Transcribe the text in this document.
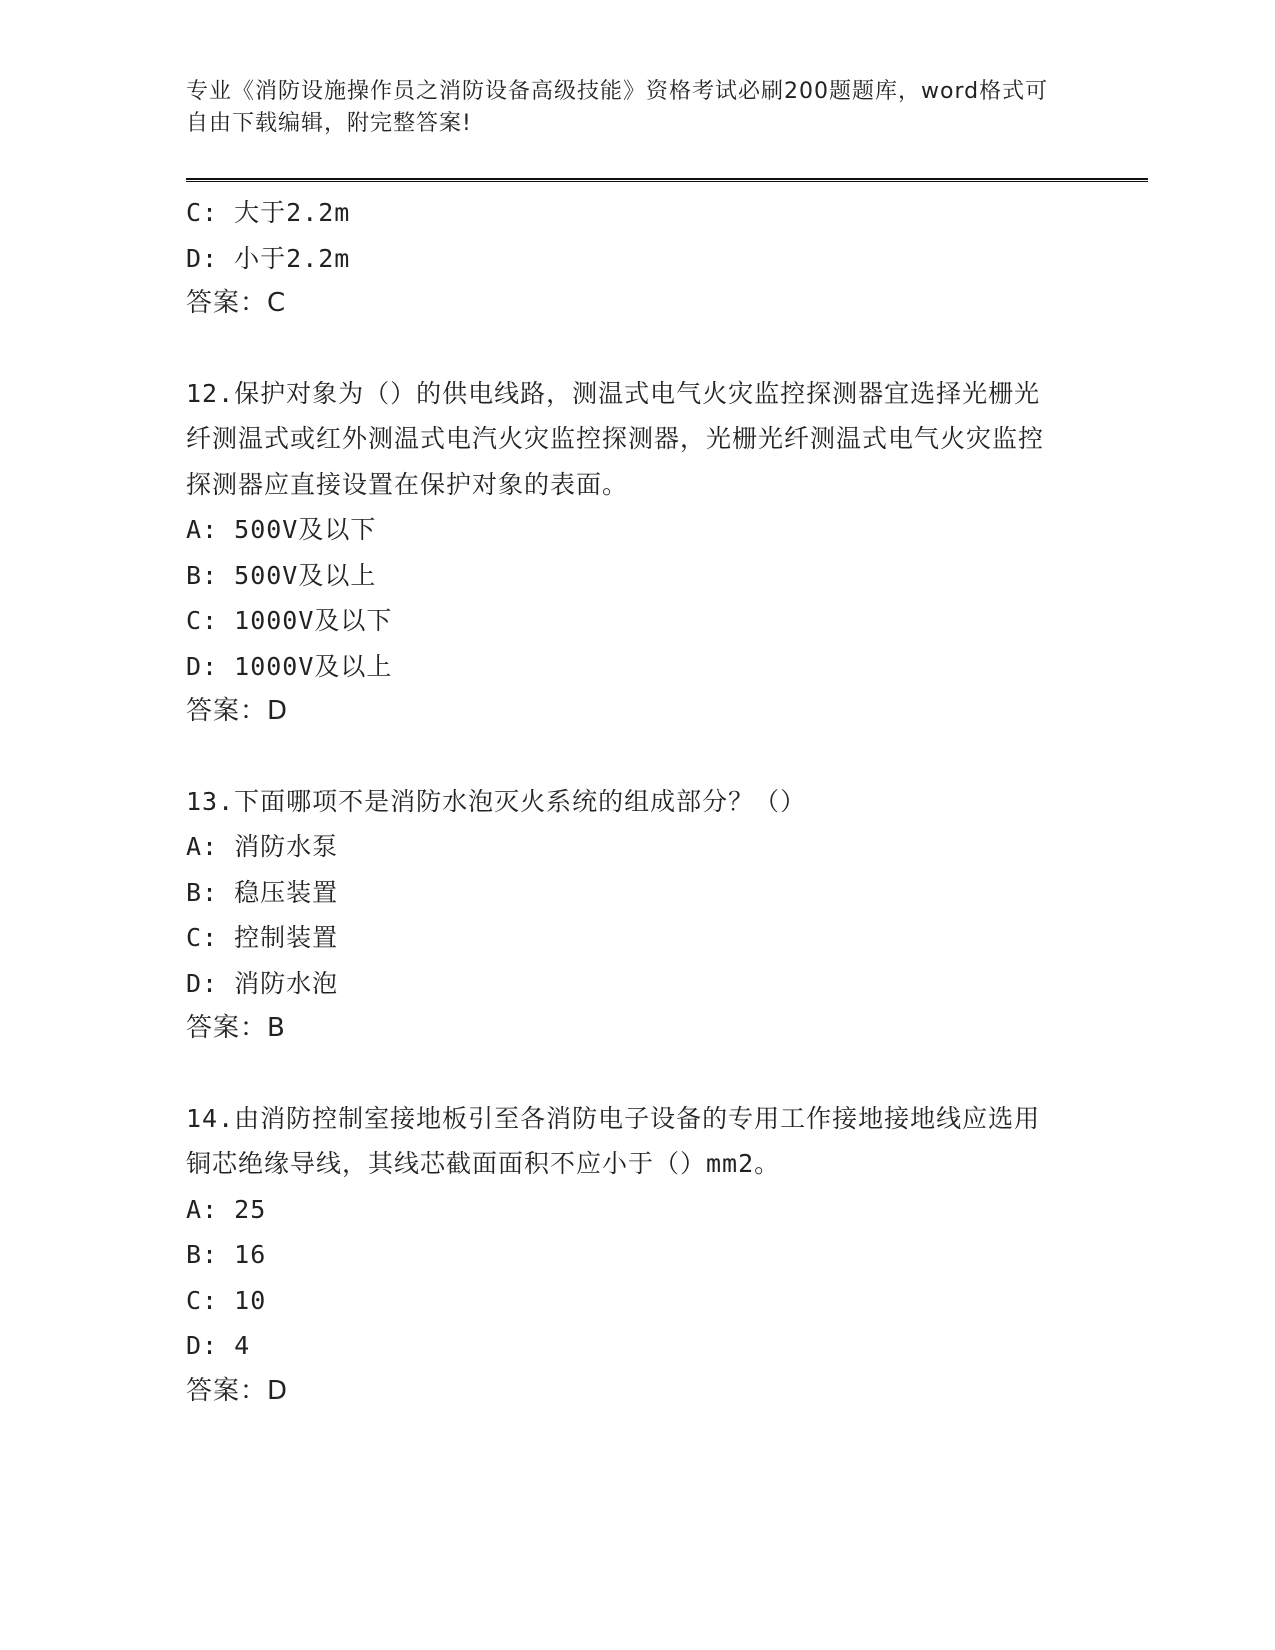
专业《消防设施操作员之消防设备高级技能》资格考试必刷200题题库，word格式可自由下载编辑，附完整答案!
C: 大于2.2m
D: 小于2.2m
答案：C
12.保护对象为（）的供电线路，测温式电气火灾监控探测器宜选择光栅光纤测温式或红外测温式电汽火灾监控探测器，光栅光纤测温式电气火灾监控探测器应直接设置在保护对象的表面。
A: 500V及以下
B: 500V及以上
C: 1000V及以下
D: 1000V及以上
答案：D
13.下面哪项不是消防水泡灭火系统的组成部分？（）
A: 消防水泵
B: 稳压装置
C: 控制装置
D: 消防水泡
答案：B
14.由消防控制室接地板引至各消防电子设备的专用工作接地接地线应选用铜芯绝缘导线，其线芯截面面积不应小于（）mm2。
A: 25
B: 16
C: 10
D: 4
答案：D
